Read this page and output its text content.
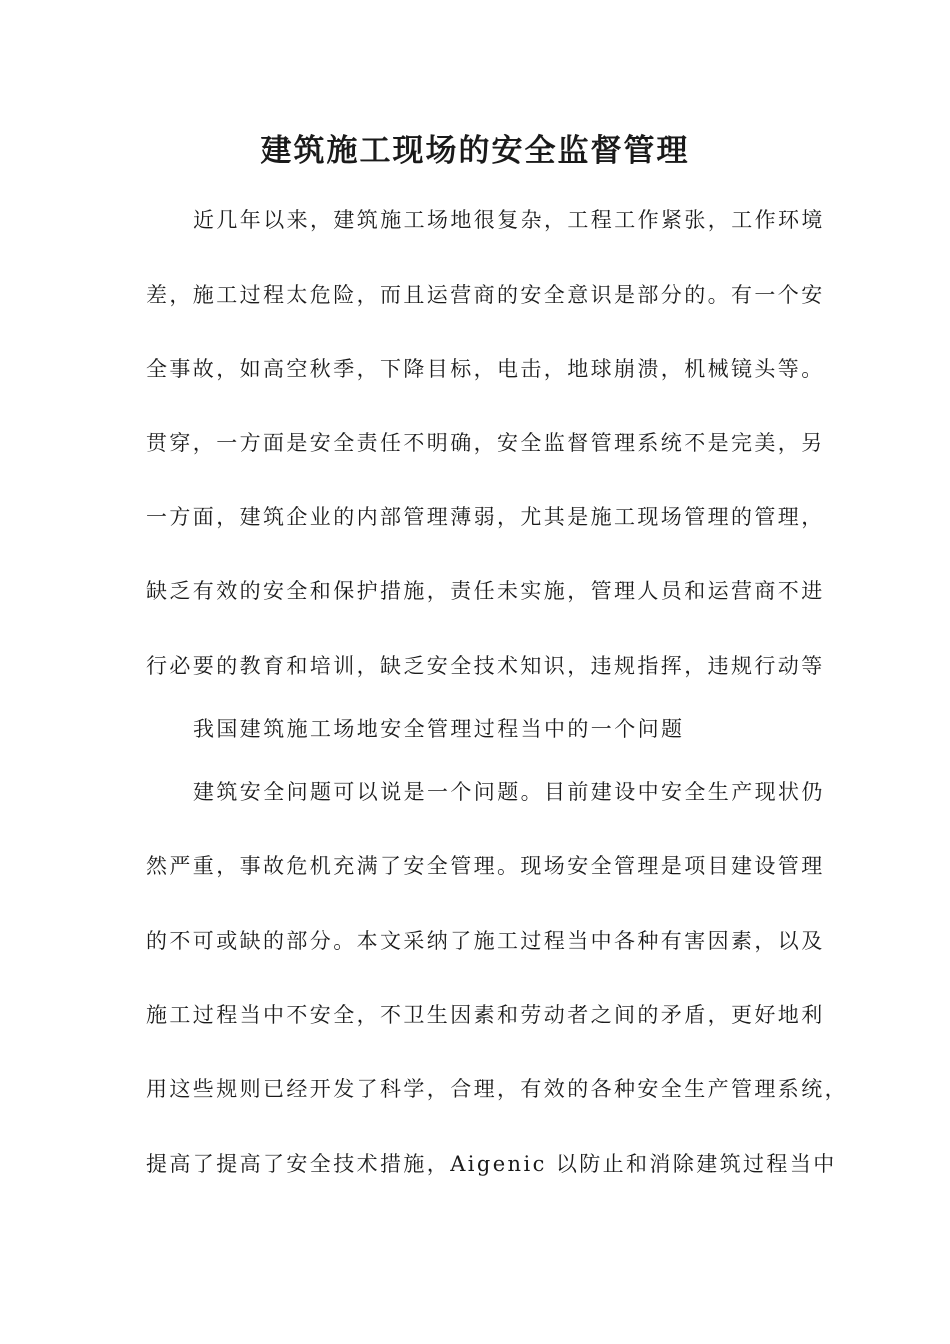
建筑施工现场的安全监督管理
近几年以来，建筑施工场地很复杂，工程工作紧张，工作环境
差，施工过程太危险，而且运营商的安全意识是部分的。有一个安
全事故，如高空秋季，下降目标，电击，地球崩溃，机械镜头等。
贯穿，一方面是安全责任不明确，安全监督管理系统不是完美，另
一方面，建筑企业的内部管理薄弱，尤其是施工现场管理的管理，
缺乏有效的安全和保护措施，责任未实施，管理人员和运营商不进
行必要的教育和培训，缺乏安全技术知识，违规指挥，违规行动等
我国建筑施工场地安全管理过程当中的一个问题
建筑安全问题可以说是一个问题。目前建设中安全生产现状仍
然严重，事故危机充满了安全管理。现场安全管理是项目建设管理
的不可或缺的部分。本文采纳了施工过程当中各种有害因素，以及
施工过程当中不安全，不卫生因素和劳动者之间的矛盾，更好地利
用这些规则已经开发了科学，合理，有效的各种安全生产管理系统，
提高了提高了安全技术措施，Aigenic 以防止和消除建筑过程当中
